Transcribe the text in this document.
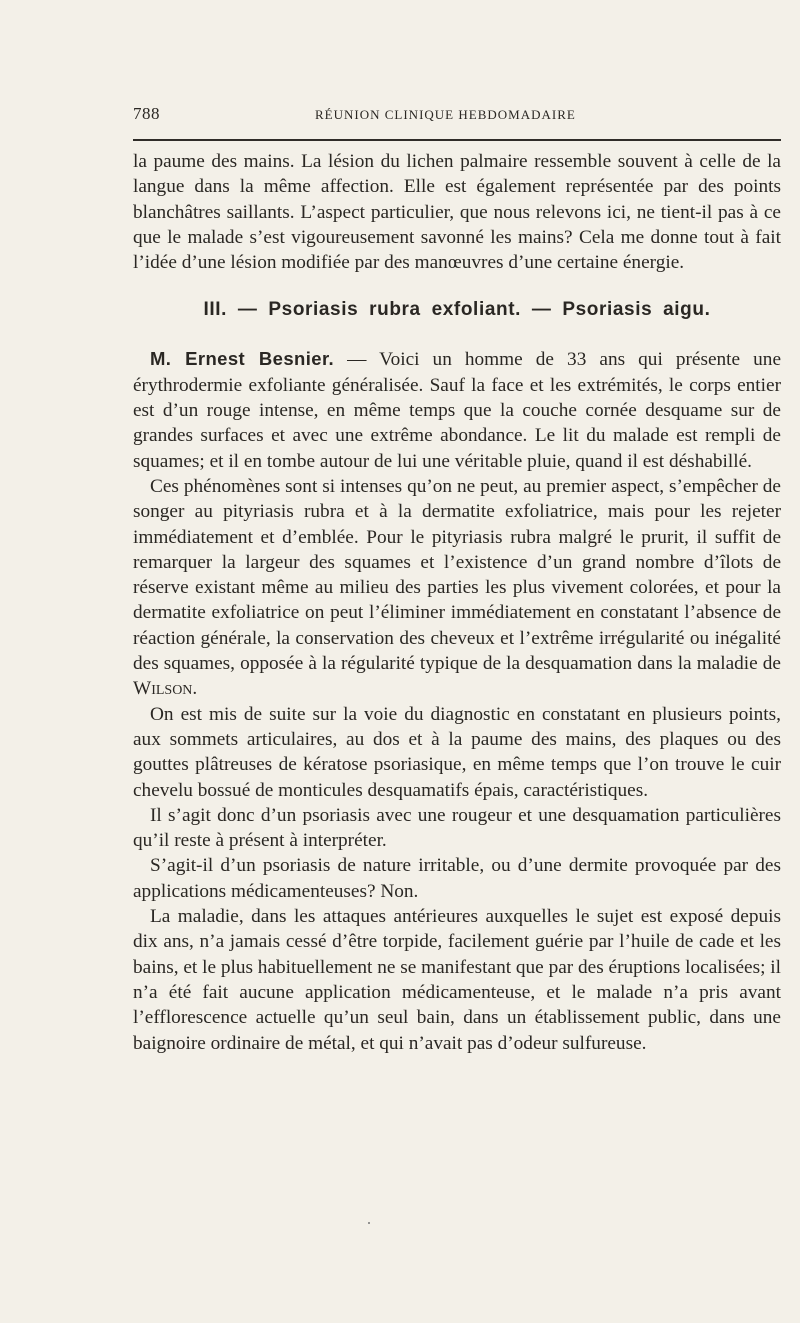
788	RÉUNION CLINIQUE HEBDOMADAIRE

la paume des mains. La lésion du lichen palmaire ressemble souvent à celle de la langue dans la même affection. Elle est également représentée par des points blanchâtres saillants. L’aspect particulier, que nous relevons ici, ne tient-il pas à ce que le malade s’est vigoureusement savonné les mains? Cela me donne tout à fait l’idée d’une lésion modifiée par des manœuvres d’une certaine énergie.

III. — Psoriasis rubra exfoliant. — Psoriasis aigu.

M. Ernest Besnier. — Voici un homme de 33 ans qui présente une érythrodermie exfoliante généralisée. Sauf la face et les extrémités, le corps entier est d’un rouge intense, en même temps que la couche cornée desquame sur de grandes surfaces et avec une extrême abondance. Le lit du malade est rempli de squames; et il en tombe autour de lui une véritable pluie, quand il est déshabillé.

Ces phénomènes sont si intenses qu’on ne peut, au premier aspect, s’empêcher de songer au pityriasis rubra et à la dermatite exfoliatrice, mais pour les rejeter immédiatement et d’emblée. Pour le pityriasis rubra malgré le prurit, il suffit de remarquer la largeur des squames et l’existence d’un grand nombre d’îlots de réserve existant même au milieu des parties les plus vivement colorées, et pour la dermatite exfoliatrice on peut l’éliminer immédiatement en constatant l’absence de réaction générale, la conservation des cheveux et l’extrême irrégularité ou inégalité des squames, opposée à la régularité typique de la desquamation dans la maladie de Wilson.

On est mis de suite sur la voie du diagnostic en constatant en plusieurs points, aux sommets articulaires, au dos et à la paume des mains, des plaques ou des gouttes plâtreuses de kératose psoriasique, en même temps que l’on trouve le cuir chevelu bossué de monticules desquamatifs épais, caractéristiques.

Il s’agit donc d’un psoriasis avec une rougeur et une desquamation particulières qu’il reste à présent à interpréter.

S’agit-il d’un psoriasis de nature irritable, ou d’une dermite provoquée par des applications médicamenteuses? Non.

La maladie, dans les attaques antérieures auxquelles le sujet est exposé depuis dix ans, n’a jamais cessé d’être torpide, facilement guérie par l’huile de cade et les bains, et le plus habituellement ne se manifestant que par des éruptions localisées; il n’a été fait aucune application médicamenteuse, et le malade n’a pris avant l’efflorescence actuelle qu’un seul bain, dans un établissement public, dans une baignoire ordinaire de métal, et qui n’avait pas d’odeur sulfureuse.
